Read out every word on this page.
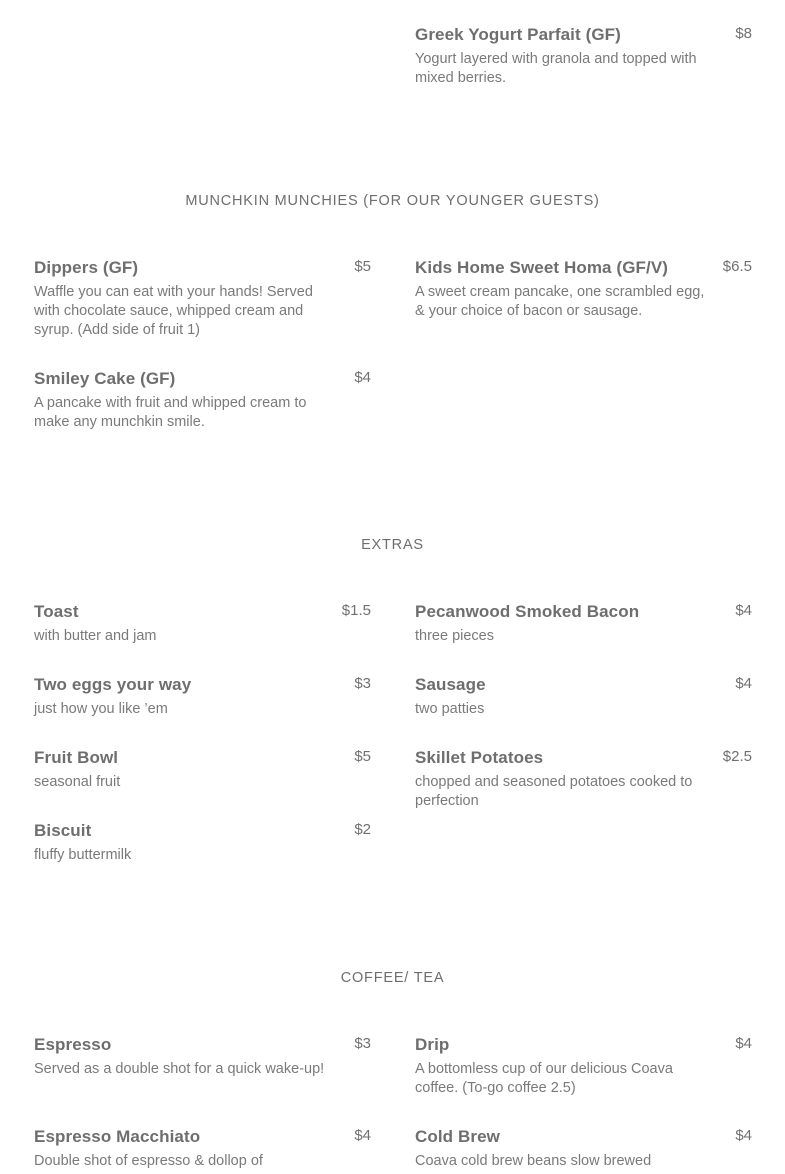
Greek Yogurt Parfait (GF)	$8
Yogurt layered with granola and topped with mixed berries.
MUNCHKIN MUNCHIES (FOR OUR YOUNGER GUESTS)
Dippers (GF)	$5
Waffle you can eat with your hands! Served with chocolate sauce, whipped cream and syrup. (Add side of fruit 1)
Kids Home Sweet Homa (GF/V)	$6.5
A sweet cream pancake, one scrambled egg, & your choice of bacon or sausage.
Smiley Cake (GF)	$4
A pancake with fruit and whipped cream to make any munchkin smile.
EXTRAS
Toast	$1.5
with butter and jam
Pecanwood Smoked Bacon	$4
three pieces
Two eggs your way	$3
just how you like ’em
Sausage	$4
two patties
Fruit Bowl	$5
seasonal fruit
Skillet Potatoes	$2.5
chopped and seasoned potatoes cooked to perfection
Biscuit	$2
fluffy buttermilk
COFFEE/ TEA
Espresso	$3
Served as a double shot for a quick wake-up!
Drip	$4
A bottomless cup of our delicious Coava coffee. (To-go coffee 2.5)
Espresso Macchiato	$4
Double shot of espresso & dollop of
Cold Brew	$4
Coava cold brew beans slow brewed
